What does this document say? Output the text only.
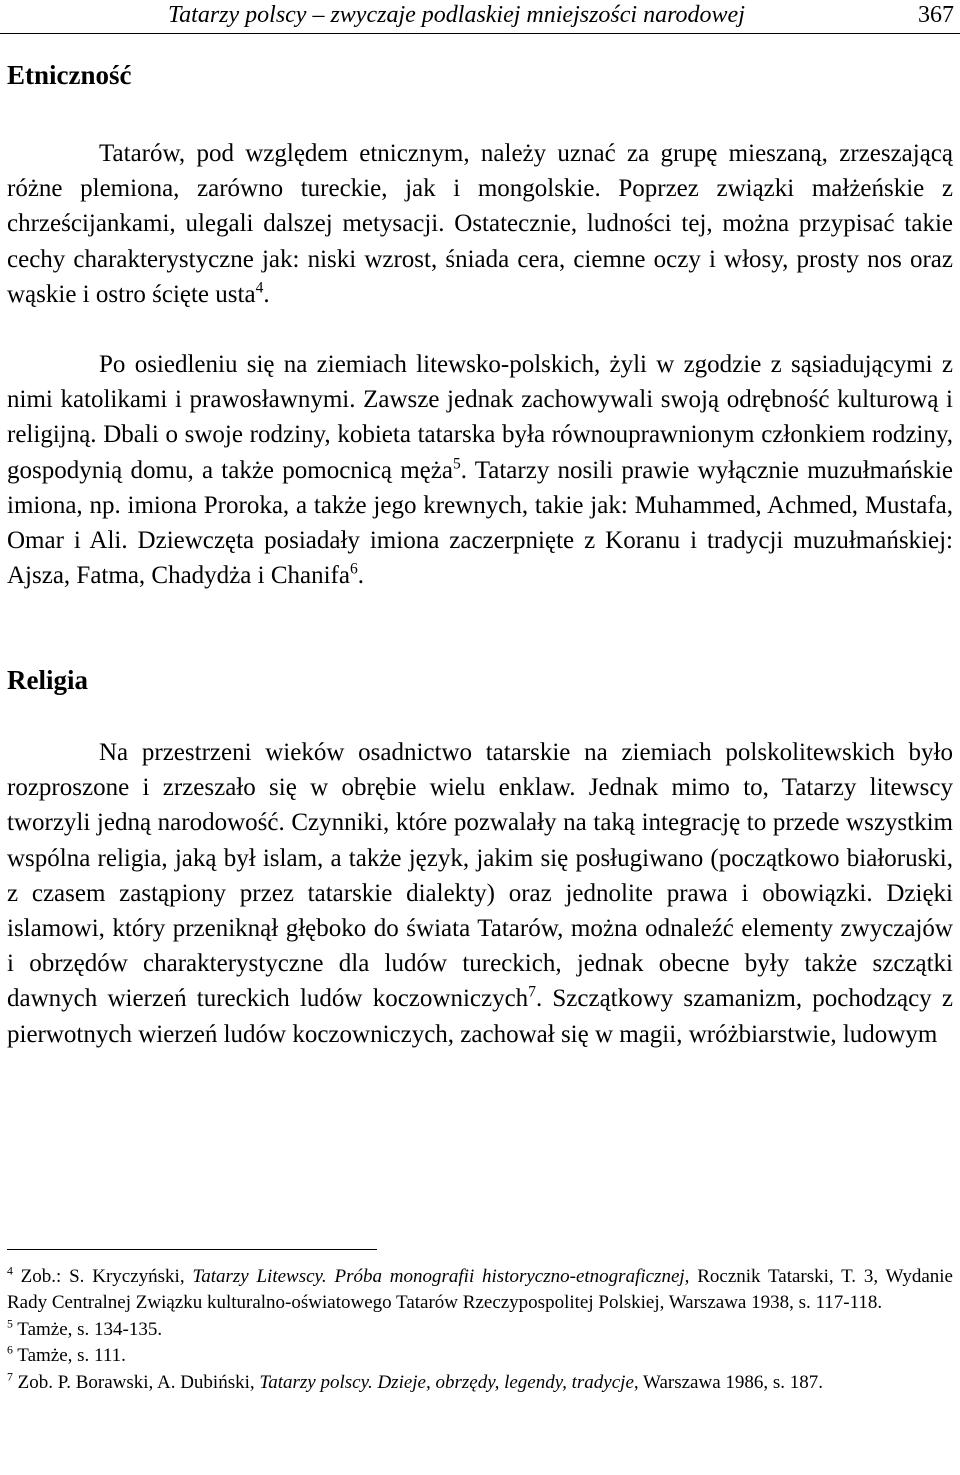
Tatarzy polscy – zwyczaje podlaskiej mniejszości narodowej	367
Etniczność

Tatarów, pod względem etnicznym, należy uznać za grupę mieszaną, zrzeszającą różne plemiona, zarówno tureckie, jak i mongolskie. Poprzez związki małżeńskie z chrześcijankami, ulegali dalszej metysacji. Ostatecznie, ludności tej, można przypisać takie cechy charakterystyczne jak: niski wzrost, śniada cera, ciemne oczy i włosy, prosty nos oraz wąskie i ostro ścięte usta$^4$.

Po osiedleniu się na ziemiach litewsko-polskich, żyli w zgodzie z sąsiadującymi z nimi katolikami i prawosławnymi. Zawsze jednak zachowywali swoją odrębność kulturową i religijną. Dbali o swoje rodziny, kobieta tatarska była równouprawnionym członkiem rodziny, gospodynią domu, a także pomocnicą męża$^5$. Tatarzy nosili prawie wyłącznie muzułmańskie imiona, np. imiona Proroka, a także jego krewnych, takie jak: Muhammed, Achmed, Mustafa, Omar i Ali. Dziewczęta posiadały imiona zaczerpnięte z Koranu i tradycji muzułmańskiej: Ajsza, Fatma, Chadydża i Chanifa$^6$.

Religia

Na przestrzeni wieków osadnictwo tatarskie na ziemiach polskolitewskich było rozproszone i zrzeszało się w obrębie wielu enklaw. Jednak mimo to, Tatarzy litewscy tworzyli jedną narodowość. Czynniki, które pozwalały na taką integrację to przede wszystkim wspólna religia, jaką był islam, a także język, jakim się posługiwano (początkowo białoruski, z czasem zastąpiony przez tatarskie dialekty) oraz jednolite prawa i obowiązki. Dzięki islamowi, który przeniknął głęboko do świata Tatarów, można odnaleźć elementy zwyczajów i obrzędów charakterystyczne dla ludów tureckich, jednak obecne były także szczątki dawnych wierzeń tureckich ludów koczowniczych$^7$. Szczątkowy szamanizm, pochodzący z pierwotnych wierzeń ludów koczowniczych, zachował się w magii, wróżbiarstwie, ludowym

$^4$ Zob.: S. Kryczyński, Tatarzy Litewscy. Próba monografii historyczno-etnograficznej, Rocznik Tatarski, T. 3, Wydanie Rady Centralnej Związku kulturalno-oświatowego Tatarów Rzeczypospolitej Polskiej, Warszawa 1938, s. 117-118.

$^5$ Tamże, s. 134-135.

$^6$ Tamże, s. 111.

$^7$ Zob. P. Borawski, A. Dubiński, Tatarzy polscy. Dzieje, obrzędy, legendy, tradycje, Warszawa 1986, s. 187.
